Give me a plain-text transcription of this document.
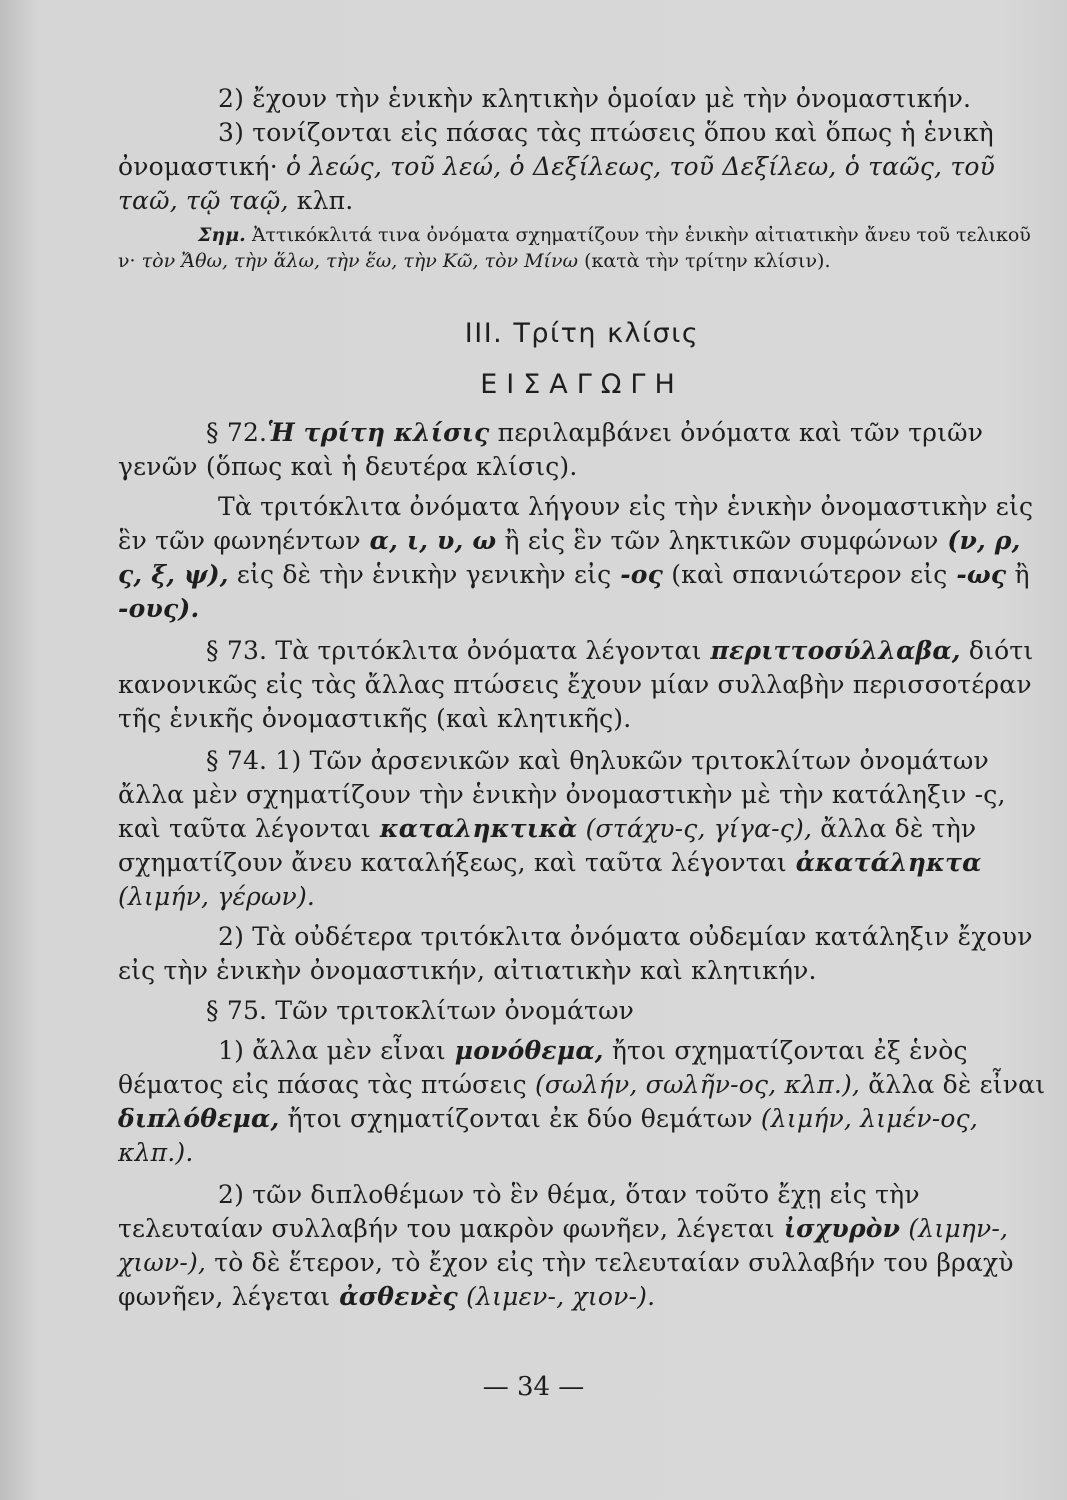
2) ἔχουν τὴν ἑνικὴν κλητικὴν ὁμοίαν μὲ τὴν ὀνομαστικήν.

3) τονίζονται εἰς πάσας τὰς πτώσεις ὅπου καὶ ὅπως ἡ ἑνικὴ ὀνομαστική· ὁ λεώς, τοῦ λεώ, ὁ Δεξίλεως, τοῦ Δεξίλεω, ὁ ταῶς, τοῦ ταῶ, τῷ ταῷ, κλπ.

Σημ. Ἀττικόκλιτά τινα ὀνόματα σχηματίζουν τὴν ἑνικὴν αἰτιατικὴν ἄνευ τοῦ τελικοῦ ν· τὸν Ἄθω, τὴν ἅλω, τὴν ἕω, τὴν Κῶ, τὸν Μίνω (κατὰ τὴν τρίτην κλίσιν).

III. Τρίτη κλίσις
ΕΙΣΑΓΩΓΗ

§ 72.Ἡ τρίτη κλίσις περιλαμβάνει ὀνόματα καὶ τῶν τριῶν γενῶν (ὅπως καὶ ἡ δευτέρα κλίσις).

Τὰ τριτόκλιτα ὀνόματα λήγουν εἰς τὴν ἑνικὴν ὀνομαστικὴν εἰς ἓν τῶν φωνηέντων α, ι, υ, ω ἢ εἰς ἓν τῶν ληκτικῶν συμφώνων (ν, ρ, ς, ξ, ψ), εἰς δὲ τὴν ἑνικὴν γενικὴν εἰς -ος (καὶ σπανιώτερον εἰς -ως ἢ -ους).

§ 73. Τὰ τριτόκλιτα ὀνόματα λέγονται περιττοσύλλαβα, διότι κανονικῶς εἰς τὰς ἄλλας πτώσεις ἔχουν μίαν συλλαβὴν περισσοτέραν τῆς ἑνικῆς ὀνομαστικῆς (καὶ κλητικῆς).

§ 74. 1) Τῶν ἀρσενικῶν καὶ θηλυκῶν τριτοκλίτων ὀνομάτων ἄλλα μὲν σχηματίζουν τὴν ἑνικὴν ὀνομαστικὴν μὲ τὴν κατάληξιν -ς, καὶ ταῦτα λέγονται καταληκτικὰ (στάχυ-ς, γίγα-ς), ἄλλα δὲ τὴν σχηματίζουν ἄνευ καταλήξεως, καὶ ταῦτα λέγονται ἀκατάληκτα (λιμήν, γέρων).

2) Τὰ οὐδέτερα τριτόκλιτα ὀνόματα οὐδεμίαν κατάληξιν ἔχουν εἰς τὴν ἑνικὴν ὀνομαστικήν, αἰτιατικὴν καὶ κλητικήν.

§ 75. Τῶν τριτοκλίτων ὀνομάτων

1) ἄλλα μὲν εἶναι μονόθεμα, ἤτοι σχηματίζονται ἐξ ἑνὸς θέματος εἰς πάσας τὰς πτώσεις (σωλήν, σωλῆν-ος, κλπ.), ἄλλα δὲ εἶναι διπλόθεμα, ἤτοι σχηματίζονται ἐκ δύο θεμάτων (λιμήν, λιμέν-ος, κλπ.).

2) τῶν διπλοθέμων τὸ ἓν θέμα, ὅταν τοῦτο ἔχῃ εἰς τὴν τελευταίαν συλλαβήν του μακρὸν φωνῆεν, λέγεται ἰσχυρὸν (λιμην-, χιων-), τὸ δὲ ἕτερον, τὸ ἔχον εἰς τὴν τελευταίαν συλλαβήν του βραχὺ φωνῆεν, λέγεται ἀσθενὲς (λιμεν-, χιον-).

— 34 —
